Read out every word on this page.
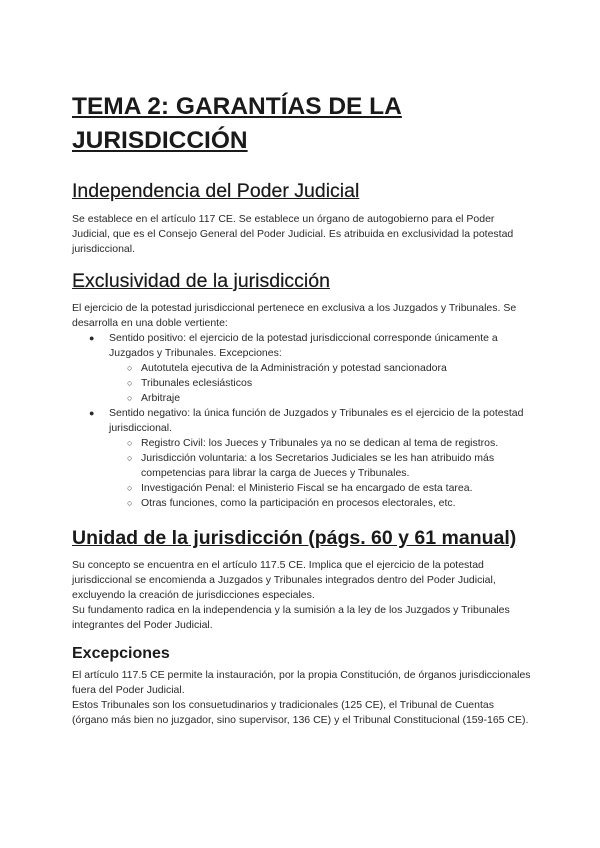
TEMA 2: GARANTÍAS DE LA JURISDICCIÓN
Independencia del Poder Judicial

Se establece en el artículo 117 CE. Se establece un órgano de autogobierno para el Poder Judicial, que es el Consejo General del Poder Judicial. Es atribuida en exclusividad la potestad jurisdiccional.

Exclusividad de la jurisdicción

El ejercicio de la potestad jurisdiccional pertenece en exclusiva a los Juzgados y Tribunales. Se desarrolla en una doble vertiente:

● Sentido positivo: el ejercicio de la potestad jurisdiccional corresponde únicamente a Juzgados y Tribunales. Excepciones:
○ Autotutela ejecutiva de la Administración y potestad sancionadora
○ Tribunales eclesiásticos
○ Arbitraje
● Sentido negativo: la única función de Juzgados y Tribunales es el ejercicio de la potestad jurisdiccional.
○ Registro Civil: los Jueces y Tribunales ya no se dedican al tema de registros.
○ Jurisdicción voluntaria: a los Secretarios Judiciales se les han atribuido más competencias para librar la carga de Jueces y Tribunales.
○ Investigación Penal: el Ministerio Fiscal se ha encargado de esta tarea.
○ Otras funciones, como la participación en procesos electorales, etc.
Unidad de la jurisdicción (págs. 60 y 61 manual)

Su concepto se encuentra en el artículo 117.5 CE. Implica que el ejercicio de la potestad jurisdiccional se encomienda a Juzgados y Tribunales integrados dentro del Poder Judicial, excluyendo la creación de jurisdicciones especiales.

Su fundamento radica en la independencia y la sumisión a la ley de los Juzgados y Tribunales integrantes del Poder Judicial.

Excepciones

El artículo 117.5 CE permite la instauración, por la propia Constitución, de órganos jurisdiccionales fuera del Poder Judicial.

Estos Tribunales son los consuetudinarios y tradicionales (125 CE), el Tribunal de Cuentas (órgano más bien no juzgador, sino supervisor, 136 CE) y el Tribunal Constitucional (159-165 CE).
